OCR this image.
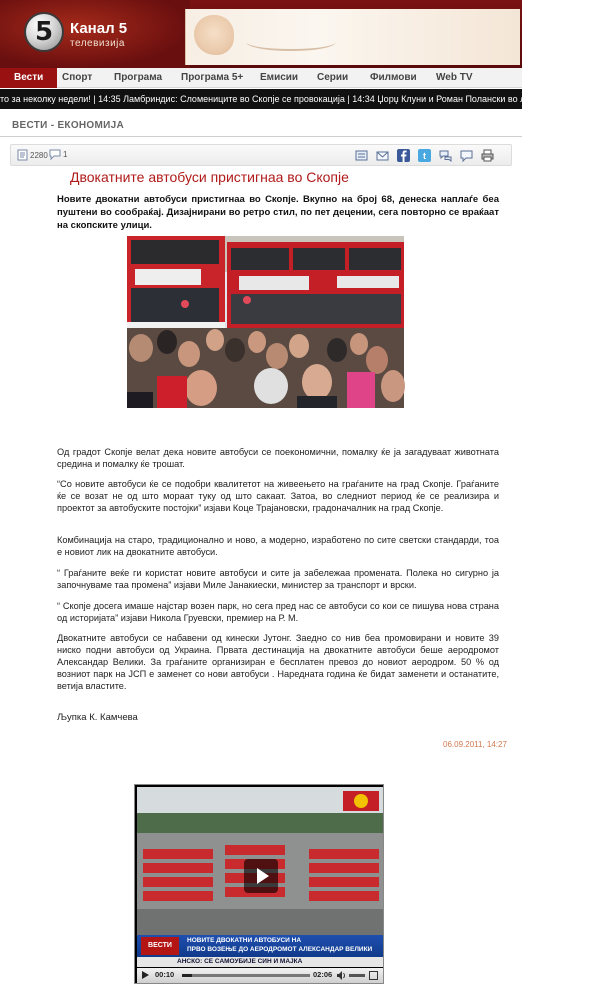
5 Канал 5
телевизија
Вести	Спорт Програма Програма 5+ Емисии Серии Филмови Web TV
то за неколку недели! | 14:35 Ламбриндис: Сломениците во Скопје се провокација | 14:34 Џорџ Клуни и Роман Полански во лов на Златниот ле
ВЕСТИ - ЕКОНОМИЈА
2280 1	t
Двокатните автобуси пристигнаа во Скопје
Новите двокатни автобуси пристигнаа во Скопје. Вкупно на број 68, денеска наплаѓе беа пуштени во сообраќај. Дизајнирани во ретро стил, по пет децении, сега повторно се враќаат на скопските улици.
Од градот Скопје велат дека новите автобуси се поекономични, помалку ќе ја загадуваат животната средина и помалку ќе трошат.
“Со новите автобуси ќе се подобри квалитетот на живеењето на граѓаните на град Скопје. Граѓаните ќе се возат не од што мораат туку од што сакаат. Затоа, во следниот период ќе се реализира и проектот за автобуските постојки” изјави Коце Трајановски, градоначалник на град Скопје.
Комбинација на старо, традиционално и ново, а модерно, изработено по сите светски стандарди, тоа е новиот лик на двокатните автобуси.
“ Граѓаните веќе ги користат новите автобуси и сите ја забележаа промената. Полека но сигурно ја започнуваме таа промена” изјави Миле Јанакиески, министер за транспорт и врски.
“ Скопје досега имаше најстар возен парк, но сега пред нас се автобуси со кои се пишува нова страна од историјата” изјави Никола Груевски, премиер на Р. М.
Двокатните автобуси се набавени од кинески Јутонг. Заедно со нив беа промовирани и новите 39 ниско подни автобуси од Украина. Првата дестинација на двокатните автобуси беше аеродромот Александар Велики. За граѓаните организиран е бесплатен превоз до новиот аеродром. 50 % од возниот парк на ЈСП е заменет со нови автобуси . Наредната година ќе бидат заменети и останатите, ветија властите.
Љупка К. Камчева
06.09.2011, 14:27
НОВИТЕ ДВОКАТНИ АВТОБУСИ НА
ПРВО ВОЗЕЊЕ ДО АЕРОДРОМОТ АЛЕКСАНДАР ВЕЛИКИ
ВЕСТИ
АНСКО: СЕ САМОУБИЈЕ СИН И МАЈКА
00:10	02:06
